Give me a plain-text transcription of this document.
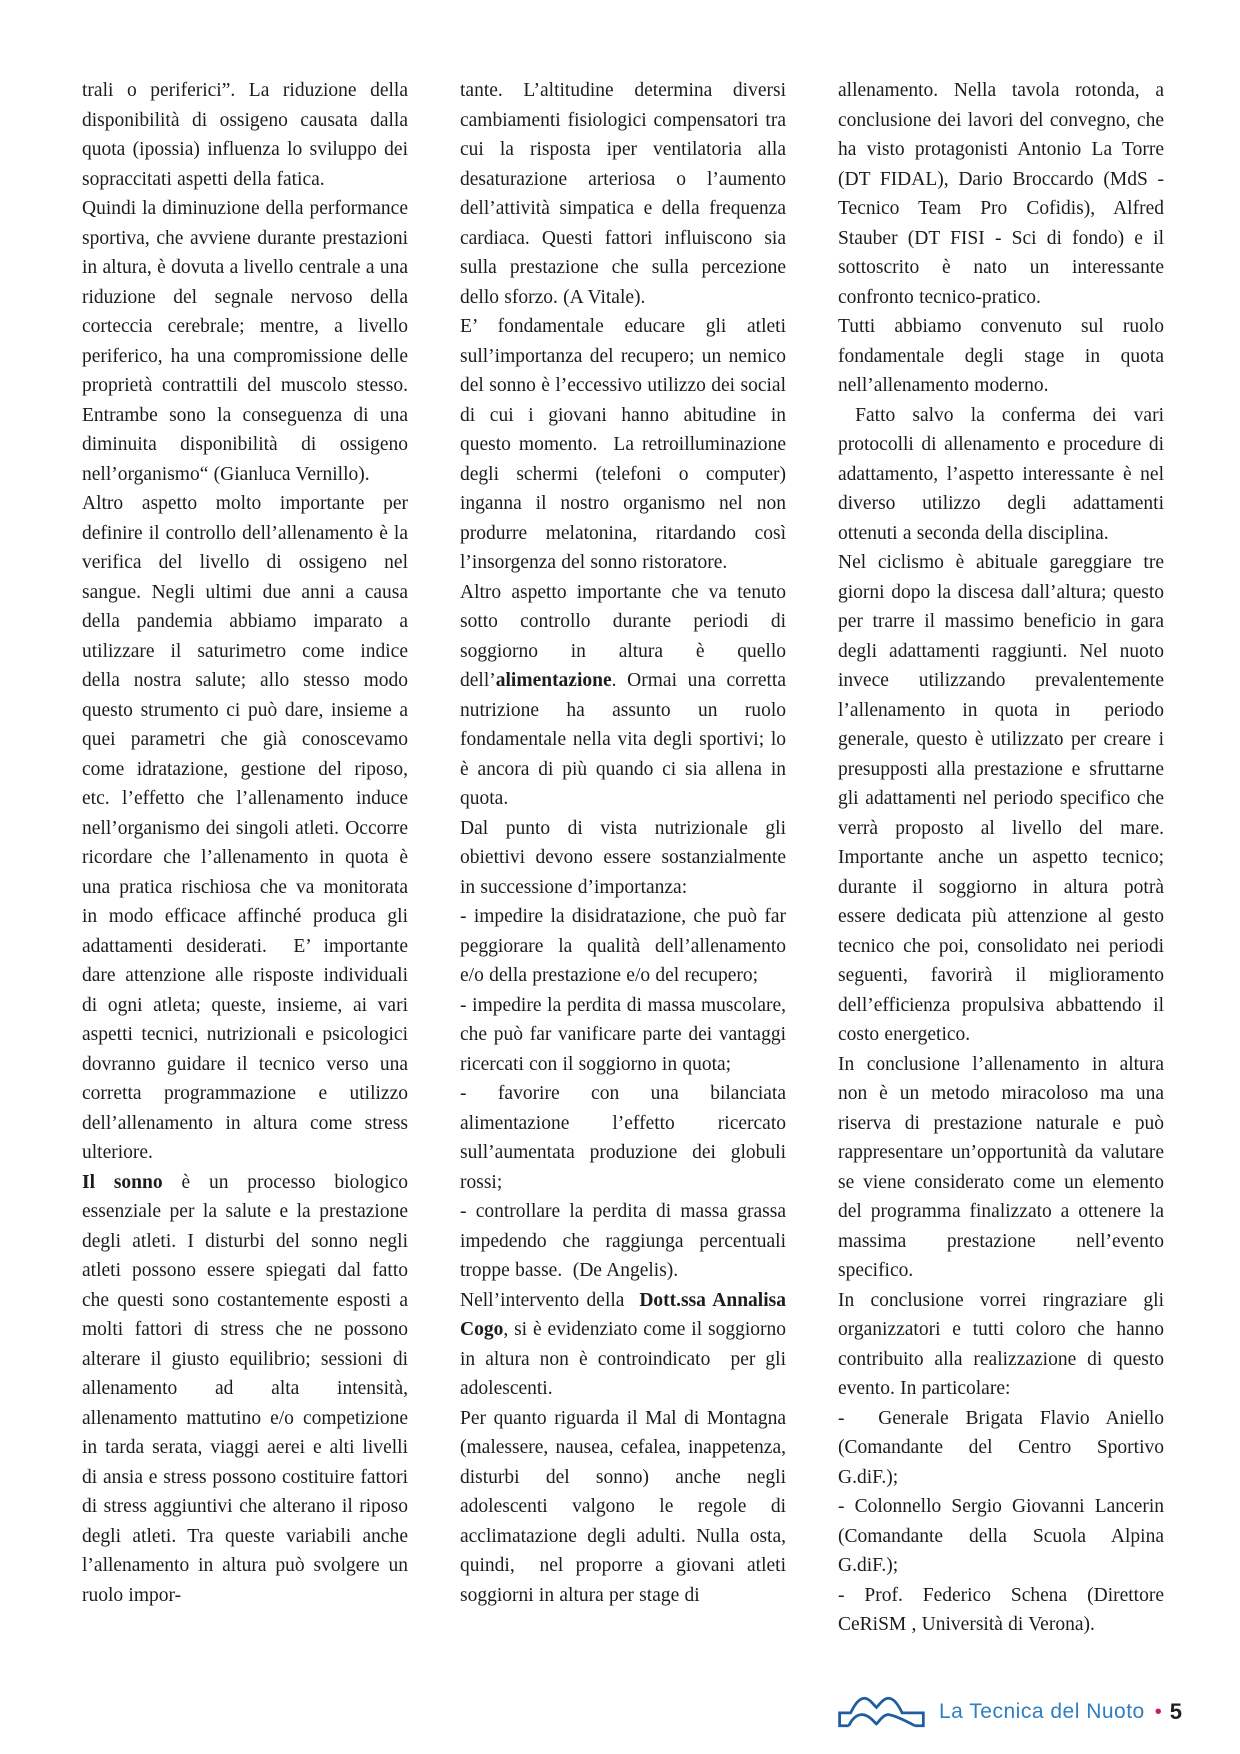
trali o periferici”. La riduzione della disponibilità di ossigeno causata dalla quota (ipossia) influenza lo sviluppo dei sopraccitati aspetti della fatica.

Quindi la diminuzione della performance sportiva, che avviene durante prestazioni in altura, è dovuta a livello centrale a una riduzione del segnale nervoso della corteccia cerebrale; mentre, a livello periferico, ha una compromissione delle proprietà contrattili del muscolo stesso. Entrambe sono la conseguenza di una diminuita disponibilità di ossigeno nell’organismo“ (Gianluca Vernillo).

Altro aspetto molto importante per definire il controllo dell’allenamento è la verifica del livello di ossigeno nel sangue. Negli ultimi due anni a causa della pandemia abbiamo imparato a utilizzare il saturimetro come indice della nostra salute; allo stesso modo questo strumento ci può dare, insieme a quei parametri che già conoscevamo come idratazione, gestione del riposo, etc. l’effetto che l’allenamento induce nell’organismo dei singoli atleti. Occorre ricordare che l’allenamento in quota è una pratica rischiosa che va monitorata in modo efficace affinché produca gli adattamenti desiderati.  E’ importante dare attenzione alle risposte individuali di ogni atleta; queste, insieme, ai vari aspetti tecnici, nutrizionali e psicologici dovranno guidare il tecnico verso una  corretta programmazione e utilizzo dell’allenamento in altura come stress ulteriore.

Il sonno è un processo biologico essenziale per la salute e la prestazione degli atleti. I disturbi del sonno negli atleti possono essere spiegati dal fatto che questi sono costantemente esposti a molti fattori di stress che ne possono alterare il giusto equilibrio; sessioni di allenamento ad alta intensità, allenamento mattutino e/o competizione in tarda serata, viaggi aerei e alti livelli di ansia e stress possono costituire fattori di stress aggiuntivi che alterano il riposo degli atleti. Tra queste variabili anche l’allenamento in altura può svolgere un ruolo impor-

tante. L’altitudine determina diversi cambiamenti fisiologici compensatori tra cui la risposta iper ventilatoria alla desaturazione arteriosa o l’aumento dell’attività simpatica e della frequenza cardiaca. Questi fattori influiscono sia sulla prestazione che sulla percezione dello sforzo. (A Vitale).

E’ fondamentale educare gli atleti sull’importanza del recupero; un nemico del sonno è l’eccessivo utilizzo dei social di cui i giovani hanno abitudine in questo momento.  La retroilluminazione degli schermi (telefoni o computer) inganna il nostro organismo nel non produrre melatonina, ritardando così l’insorgenza del sonno ristoratore.

Altro aspetto importante che va tenuto sotto controllo durante periodi di soggiorno in altura è quello dell’alimentazione. Ormai una corretta nutrizione ha assunto un ruolo fondamentale nella vita degli sportivi; lo è ancora di più quando ci sia allena in quota.

Dal punto di vista nutrizionale gli obiettivi devono essere sostanzialmente in successione d’importanza:

- impedire la disidratazione, che può far peggiorare la qualità dell’allenamento e/o della prestazione e/o del recupero;

- impedire la perdita di massa muscolare, che può far vanificare parte dei vantaggi ricercati con il soggiorno in quota;

- favorire con una bilanciata alimentazione l’effetto ricercato sull’aumentata produzione dei globuli rossi;

- controllare la perdita di massa grassa impedendo che raggiunga percentuali troppe basse.  (De Angelis).

Nell’intervento della  Dott.ssa Annalisa Cogo, si è evidenziato come il soggiorno in altura non è controindicato  per gli adolescenti.

Per quanto riguarda il Mal di Montagna (malessere, nausea, cefalea, inappetenza, disturbi del sonno) anche negli adolescenti valgono le regole di acclimatazione degli adulti. Nulla osta, quindi,  nel proporre a giovani atleti soggiorni in altura per stage di

allenamento. Nella tavola rotonda, a conclusione dei lavori del convegno, che ha visto protagonisti Antonio La Torre (DT FIDAL), Dario Broccardo (MdS - Tecnico Team Pro Cofidis), Alfred Stauber (DT FISI - Sci di fondo) e il sottoscrito è nato un interessante confronto tecnico-pratico.

Tutti abbiamo convenuto sul ruolo fondamentale degli stage in quota nell’allenamento moderno.

Fatto salvo la conferma dei vari protocolli di allenamento e procedure di adattamento, l’aspetto interessante è nel diverso utilizzo degli adattamenti ottenuti a seconda della disciplina.

Nel ciclismo è abituale gareggiare tre giorni dopo la discesa dall’altura; questo per trarre il massimo beneficio in gara degli adattamenti raggiunti. Nel nuoto invece utilizzando prevalentemente l’allenamento in quota in  periodo generale, questo è utilizzato per creare i presupposti alla prestazione e sfruttarne gli adattamenti nel periodo specifico che verrà proposto al livello del mare. Importante anche un aspetto tecnico; durante il soggiorno in altura potrà essere dedicata più attenzione al gesto tecnico che poi, consolidato nei periodi seguenti, favorirà il miglioramento dell’efficienza propulsiva abbattendo il costo energetico.

In conclusione l’allenamento in altura non è un metodo miracoloso ma una riserva di prestazione naturale e può rappresentare un’opportunità da valutare se viene considerato come un elemento del programma finalizzato a ottenere la massima prestazione nell’evento specifico.

In conclusione vorrei ringraziare gli organizzatori e tutti coloro che hanno contribuito alla realizzazione di questo evento. In particolare:

-  Generale Brigata Flavio Aniello (Comandante del Centro Sportivo G.diF.);

- Colonnello Sergio Giovanni Lancerin (Comandante della Scuola Alpina G.diF.);

-  Prof.  Federico  Schena  (Direttore CeRiSM , Università di Verona).

La Tecnica del Nuoto • 5
